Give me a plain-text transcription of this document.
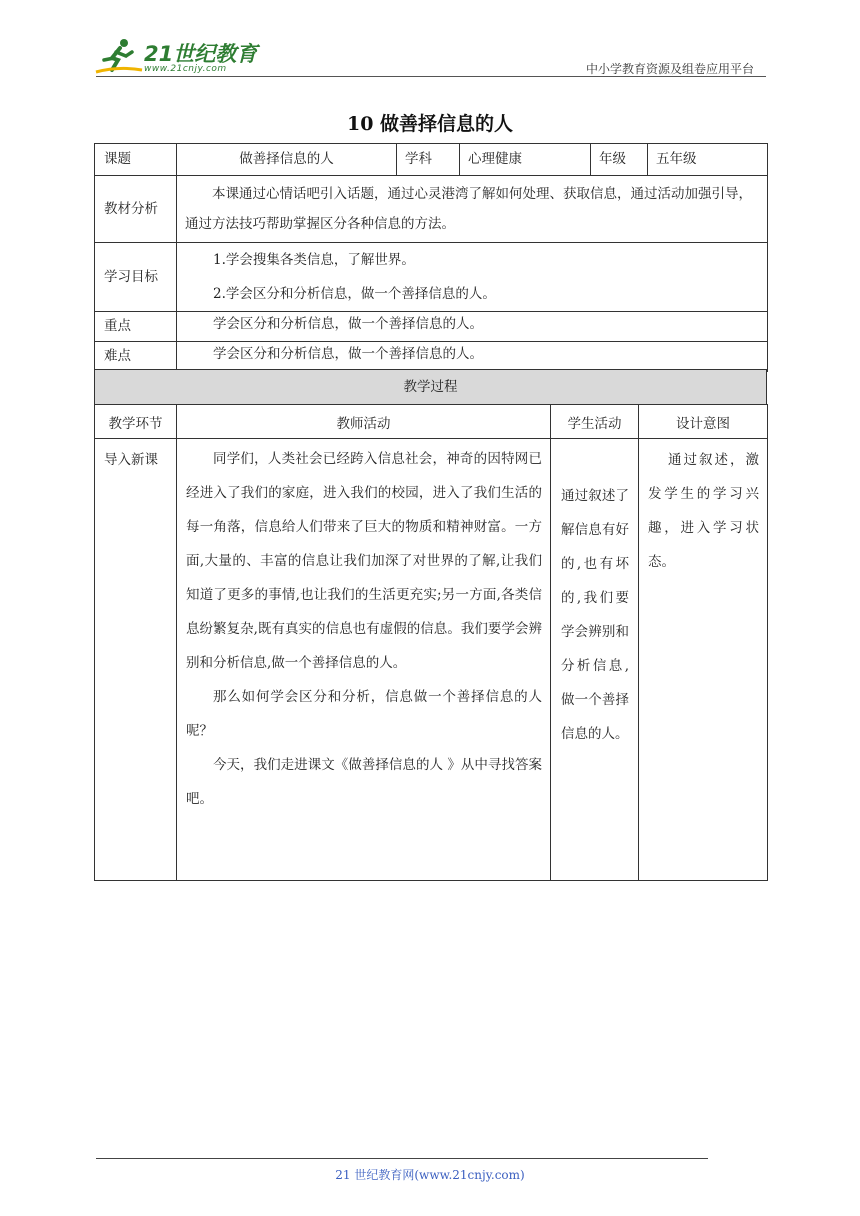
21世纪教育
www.21cnjy.com	中小学教育资源及组卷应用平台
10 做善择信息的人
课题	做善择信息的人	学科	心理健康	年级	五年级
教材分析	本课通过心情话吧引入话题，通过心灵港湾了解如何处理、获取信息，通过活动加强引导，通过方法技巧帮助掌握区分各种信息的方法。				
学习目标	1.学会搜集各类信息，了解世界。
2.学会区分和分析信息，做一个善择信息的人。				

重点	学会区分和分析信息，做一个善择信息的人。				
难点	学会区分和分析信息，做一个善择信息的人。				
教学过程
教学环节	教师活动	学生活动	设计意图
导入新课	同学们，人类社会已经跨入信息社会，神奇的因特网已经进入了我们的家庭，进入我们的校园，进入了我们生活的每一角落，信息给人们带来了巨大的物质和精神财富。一方面,大量的、丰富的信息让我们加深了对世界的了解,让我们知道了更多的事情,也让我们的生活更充实;另一方面,各类信息纷繁复杂,既有真实的信息也有虚假的信息。我们要学会辨别和分析信息,做一个善择信息的人。

那么如何学会区分和分析，信息做一个善择信息的人呢？

今天，我们走进课文《做善择信息的人 》从中寻找答案吧。	通过叙述了解信息有好的,也有坏的,我们要学会辨别和分析信息,做一个善择信息的人。	通过叙述，激发学生的学习兴趣，进入学习状态。
21 世纪教育网(www.21cnjy.com)
